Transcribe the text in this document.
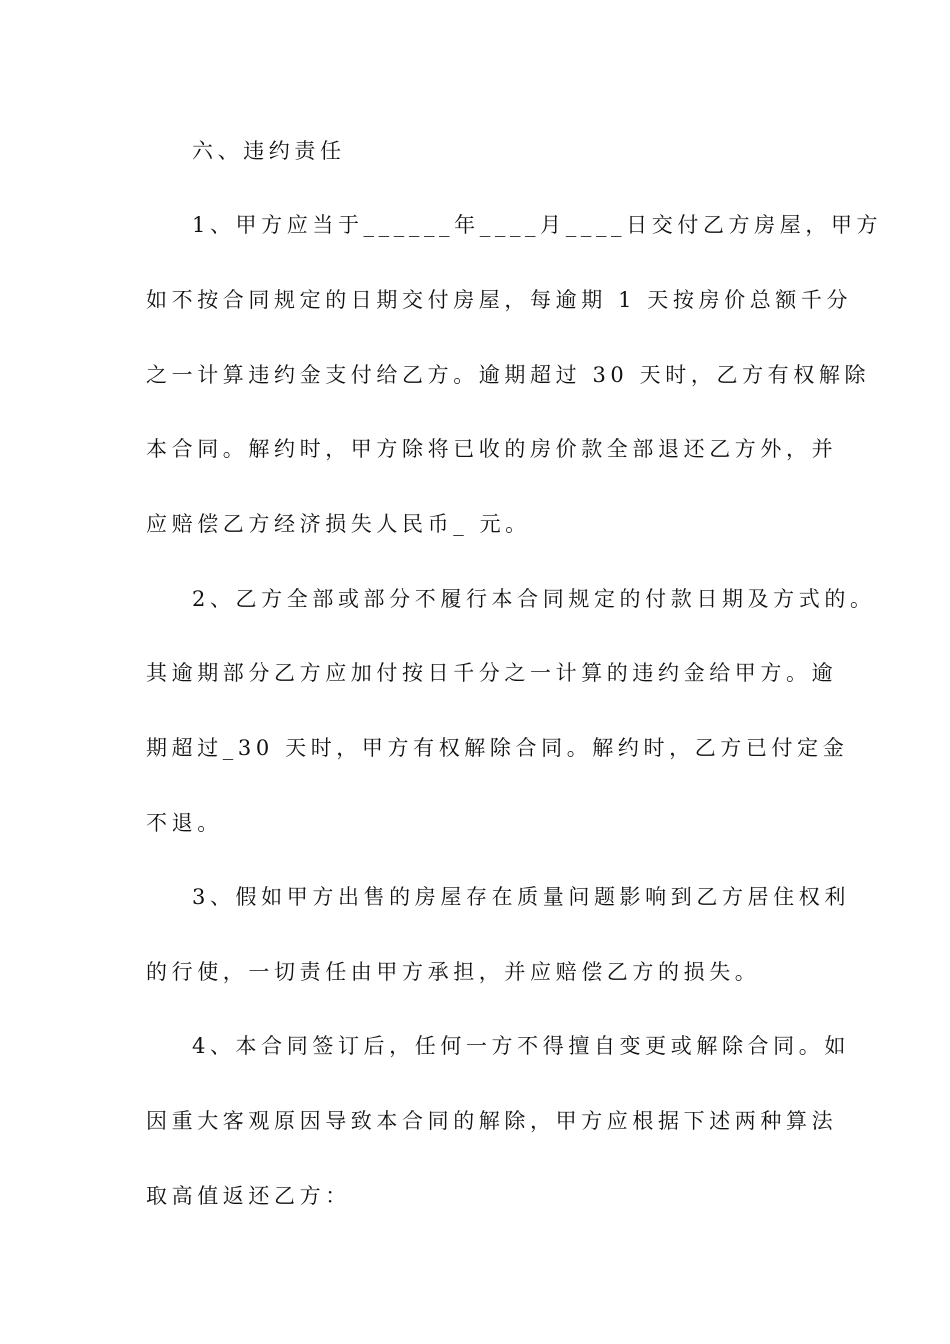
六、违约责任
1、甲方应当于______年____月____日交付乙方房屋，甲方
如不按合同规定的日期交付房屋，每逾期 1 天按房价总额千分
之一计算违约金支付给乙方。逾期超过 30 天时，乙方有权解除
本合同。解约时，甲方除将已收的房价款全部退还乙方外，并
应赔偿乙方经济损失人民币_ 元。
2、乙方全部或部分不履行本合同规定的付款日期及方式的。
其逾期部分乙方应加付按日千分之一计算的违约金给甲方。逾
期超过_30 天时，甲方有权解除合同。解约时，乙方已付定金
不退。
3、假如甲方出售的房屋存在质量问题影响到乙方居住权利
的行使，一切责任由甲方承担，并应赔偿乙方的损失。
4、本合同签订后，任何一方不得擅自变更或解除合同。如
因重大客观原因导致本合同的解除，甲方应根据下述两种算法
取高值返还乙方：
